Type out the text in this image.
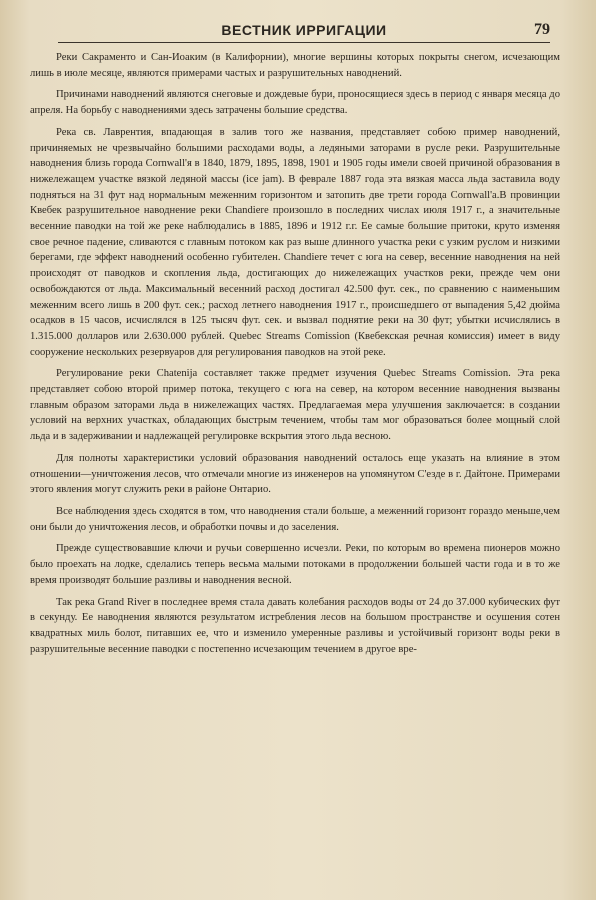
ВЕСТНИК ИРРИГАЦИИ	79

Реки Сакраменто и Сан-Иоаким (в Калифорнии), многие вершины которых покрыты снегом, исчезающим лишь в июле месяце, являются примерами частых и разрушительных наводнений.

Причинами наводнений являются снеговые и дождевые бури, проносящиеся здесь в период с января месяца до апреля. На борьбу с наводнениями здесь затрачены большие средства.

Река св. Лаврентия, впадающая в залив того же названия, представляет собою пример наводнений, причиняемых не чрезвычайно большими расходами воды, а ледяными заторами в русле реки. Разрушительные наводнения близь города Cornwall'я в 1840, 1879, 1895, 1898, 1901 и 1905 годы имели своей причиной образования в нижележащем участке вязкой ледяной массы (ice jam). В феврале 1887 года эта вязкая масса льда заставила воду подняться на 31 фут над нормальным меженним горизонтом и затопить две трети города Cornwall'а.В провинции Квебек разрушительное наводнение реки Chandiere произошло в последних числах июля 1917 г., а значительные весенние паводки на той же реке наблюдались в 1885, 1896 и 1912 г.г. Ее самые большие притоки, круто изменяя свое речное падение, сливаются с главным потоком как раз выше длинного участка реки с узким руслом и низкими берегами, где эффект наводнений особенно губителен. Chandiere течет с юга на север, весенние наводнения на ней происходят от паводков и скопления льда, достигающих до нижележащих участков реки, прежде чем они освобождаются от льда. Максимальный весенний расход достигал 42.500 фут. сек., по сравнению с наименьшим меженним всего лишь в 200 фут. сек.; расход летнего наводнения 1917 г., происшедшего от выпадения 5,42 дюйма осадков в 15 часов, исчислялся в 125 тысяч фут. сек. и вызвал поднятие реки на 30 фут; убытки исчислялись в 1.315.000 долларов или 2.630.000 рублей. Quebec Streams Comission (Квебекская речная комиссия) имеет в виду сооружение нескольких резервуаров для регулирования паводков на этой реке.

Регулирование реки Chatenija составляет также предмет изучения Quebec Streams Comission. Эта река представляет собою второй пример потока, текущего с юга на север, на котором весенние наводнения вызваны главным образом заторами льда в нижележащих частях. Предлагаемая мера улучшения заключается: в создании условий на верхних участках, обладающих быстрым течением, чтобы там мог образоваться более мощный слой льда и в задерживании и надлежащей регулировке вскрытия этого льда весною.

Для полноты характеристики условий образования наводнений осталось еще указать на влияние в этом отношении—уничтожения лесов, что отмечали многие из инженеров на упомянутом С'езде в г. Дайтоне. Примерами этого явления могут служить реки в районе Онтарио.

Все наблюдения здесь сходятся в том, что наводнения стали больше, а меженний горизонт гораздо меньше,чем они были до уничтожения лесов, и обработки почвы и до заселения.

Прежде существовавшие ключи и ручьи совершенно исчезли. Реки, по которым во времена пионеров можно было проехать на лодке, сделались теперь весьма малыми потоками в продолжении большей части года и в то же время производят большие разливы и наводнения весной.

Так река Grand River в последнее время стала давать колебания расходов воды от 24 до 37.000 кубических фут в секунду. Ее наводнения являются результатом истребления лесов на большом пространстве и осушения сотен квадратных миль болот, питавших ее, что и изменило умеренные разливы и устойчивый горизонт воды реки в разрушительные весенние паводки с постепенно исчезающим течением в другое вре-
